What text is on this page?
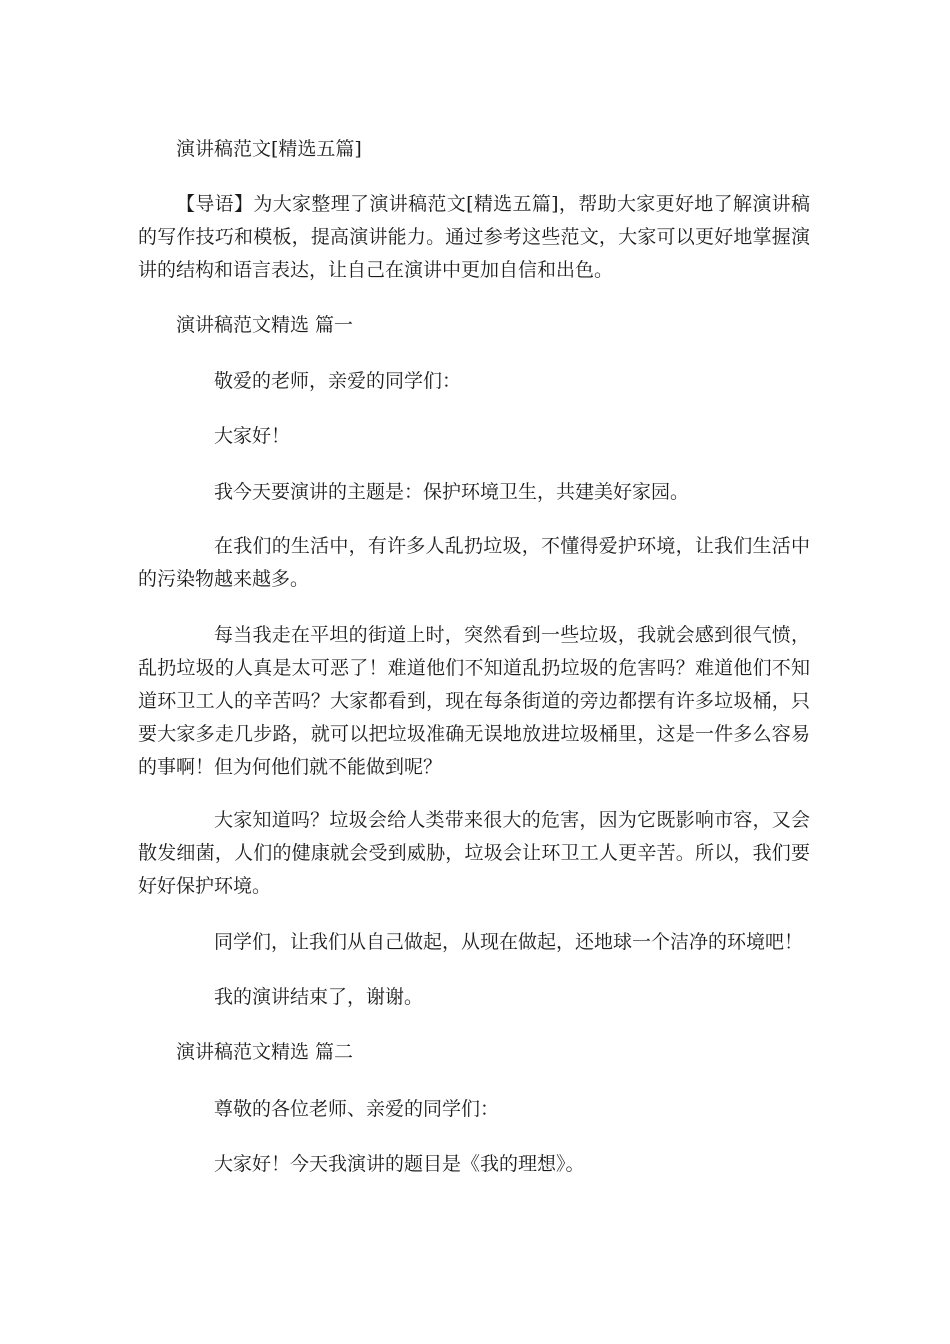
演讲稿范文[精选五篇]

【导语】为大家整理了演讲稿范文[精选五篇]，帮助大家更好地了解演讲稿的写作技巧和模板，提高演讲能力。通过参考这些范文，大家可以更好地掌握演讲的结构和语言表达，让自己在演讲中更加自信和出色。

演讲稿范文精选 篇一

敬爱的老师，亲爱的同学们：

大家好！

我今天要演讲的主题是：保护环境卫生，共建美好家园。

在我们的生活中，有许多人乱扔垃圾，不懂得爱护环境，让我们生活中的污染物越来越多。

每当我走在平坦的街道上时，突然看到一些垃圾，我就会感到很气愤，乱扔垃圾的人真是太可恶了！难道他们不知道乱扔垃圾的危害吗？难道他们不知道环卫工人的辛苦吗？大家都看到，现在每条街道的旁边都摆有许多垃圾桶，只要大家多走几步路，就可以把垃圾准确无误地放进垃圾桶里，这是一件多么容易的事啊！但为何他们就不能做到呢？

大家知道吗？垃圾会给人类带来很大的危害，因为它既影响市容，又会散发细菌，人们的健康就会受到威胁，垃圾会让环卫工人更辛苦。所以，我们要好好保护环境。

同学们，让我们从自己做起，从现在做起，还地球一个洁净的环境吧！

我的演讲结束了，谢谢。

演讲稿范文精选 篇二

尊敬的各位老师、亲爱的同学们：

大家好！今天我演讲的题目是《我的理想》。
